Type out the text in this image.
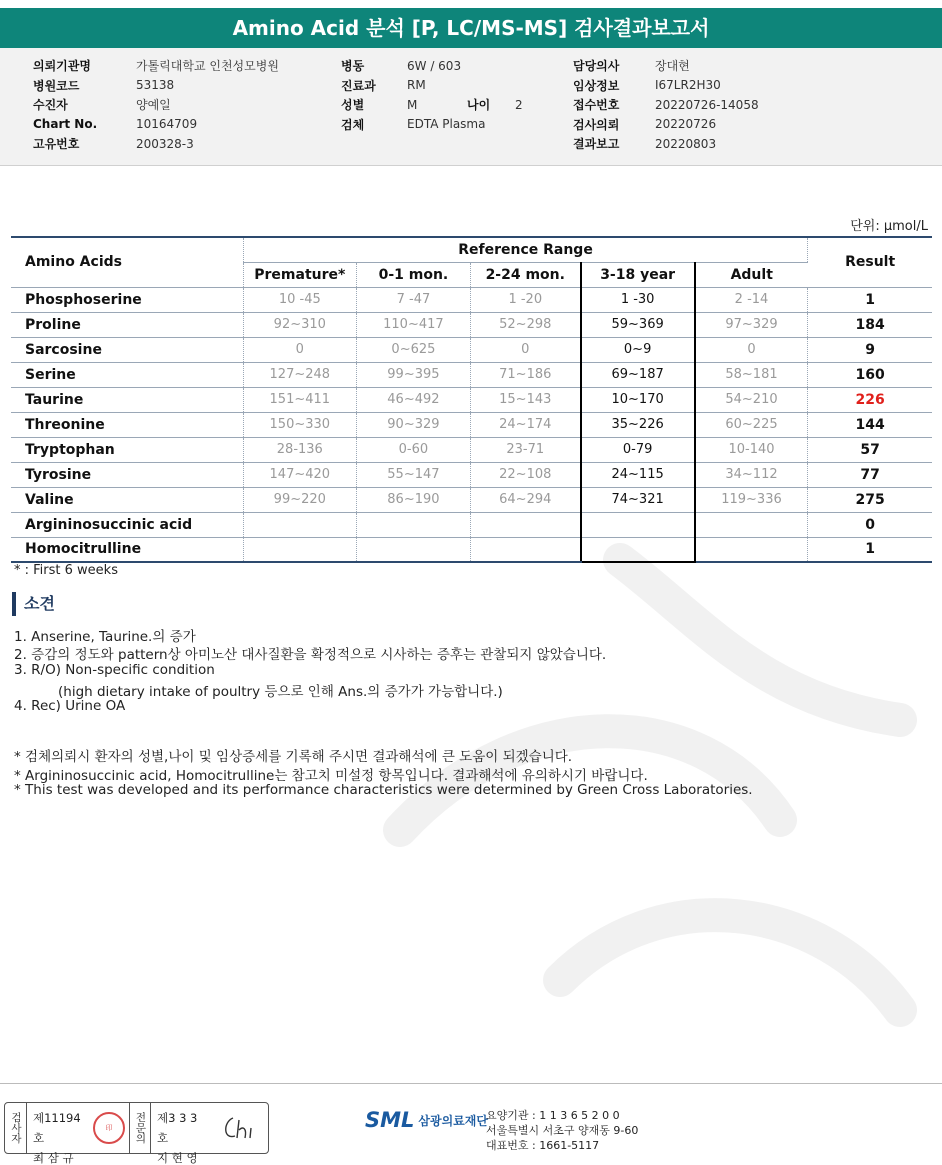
Amino Acid 분석 [P, LC/MS-MS] 검사결과보고서
의뢰기관명	가톨릭대학교 인천성모병원
병원코드	53138
수진자	양예일
Chart No.	10164709
고유번호	200328-3
병동	6W / 603
진료과	RM
성별	M	나이	2
검체	EDTA Plasma
담당의사	장대현
임상정보	I67LR2H30
접수번호	20220726-14058
검사의뢰	20220726
결과보고	20220803
단위: μmol/L
Amino Acids	Reference Range					Result
	Premature*	0-1 mon.	2-24 mon.	3-18 year	Adult	
Phosphoserine	10 -45	7 -47	1 -20	1 -30	2 -14	1
Proline	92~310	110~417	52~298	59~369	97~329	184
Sarcosine	0	0~625	0	0~9	0	9
Serine	127~248	99~395	71~186	69~187	58~181	160
Taurine	151~411	46~492	15~143	10~170	54~210	226
Threonine	150~330	90~329	24~174	35~226	60~225	144
Tryptophan	28-136	0-60	23-71	0-79	10-140	57
Tyrosine	147~420	55~147	22~108	24~115	34~112	77
Valine	99~220	86~190	64~294	74~321	119~336	275
Argininosuccinic acid						0
Homocitrulline						1
* : First 6 weeks
소견
1. Anserine, Taurine.의 증가
2. 증감의 정도와 pattern상 아미노산 대사질환을 확정적으로 시사하는 증후는 관찰되지 않았습니다.
3. R/O) Non-specific condition
(high dietary intake of poultry 등으로 인해 Ans.의 증가가 가능합니다.)
4. Rec) Urine OA
* 검체의뢰시 환자의 성별,나이 및 임상증세를 기록해 주시면 결과해석에 큰 도움이 되겠습니다.
* Argininosuccinic acid, Homocitrulline는 참고치 미설정 항목입니다. 결과해석에 유의하시기 바랍니다.
* This test was developed and its performance characteristics were determined by Green Cross Laboratories.
검사자 제11194호
최 삼 규
印 전문의 제3 3 3 호
지 현 영
SML 삼광의료재단
요양기관 : 1 1 3 6 5 2 0 0
서울특별시 서초구 양재동 9-60
대표번호 : 1661-5117
